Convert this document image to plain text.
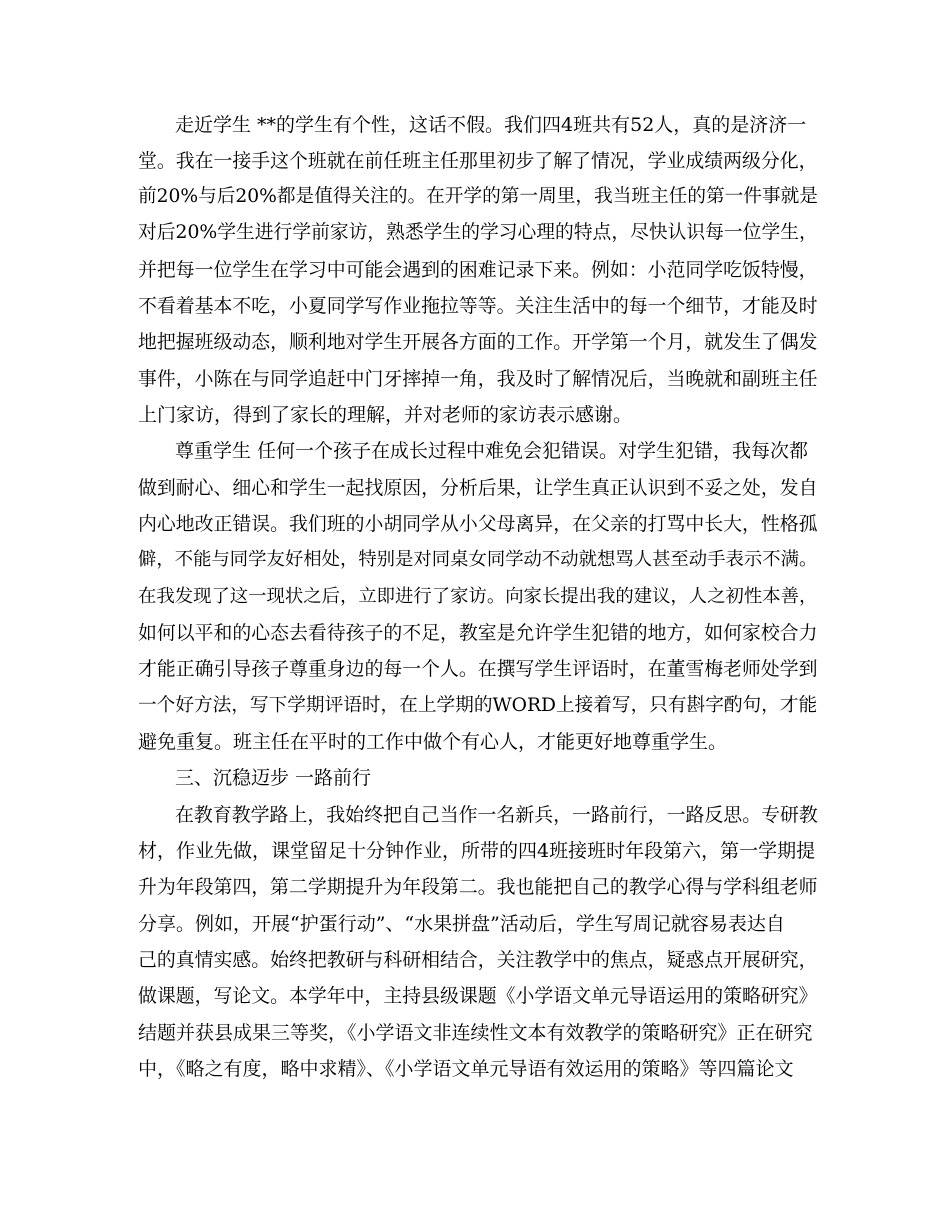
走近学生 **的学生有个性，这话不假。我们四4班共有52人，真的是济济一
堂。我在一接手这个班就在前任班主任那里初步了解了情况，学业成绩两级分化，
前20%与后20%都是值得关注的。在开学的第一周里，我当班主任的第一件事就是
对后20%学生进行学前家访，熟悉学生的学习心理的特点，尽快认识每一位学生，
并把每一位学生在学习中可能会遇到的困难记录下来。例如：小范同学吃饭特慢，
不看着基本不吃，小夏同学写作业拖拉等等。关注生活中的每一个细节，才能及时
地把握班级动态，顺利地对学生开展各方面的工作。开学第一个月，就发生了偶发
事件，小陈在与同学追赶中门牙摔掉一角，我及时了解情况后，当晚就和副班主任
上门家访，得到了家长的理解，并对老师的家访表示感谢。
尊重学生 任何一个孩子在成长过程中难免会犯错误。对学生犯错，我每次都
做到耐心、细心和学生一起找原因，分析后果，让学生真正认识到不妥之处，发自
内心地改正错误。我们班的小胡同学从小父母离异，在父亲的打骂中长大，性格孤
僻，不能与同学友好相处，特别是对同桌女同学动不动就想骂人甚至动手表示不满。
在我发现了这一现状之后，立即进行了家访。向家长提出我的建议，人之初性本善，
如何以平和的心态去看待孩子的不足，教室是允许学生犯错的地方，如何家校合力
才能正确引导孩子尊重身边的每一个人。在撰写学生评语时，在董雪梅老师处学到
一个好方法，写下学期评语时，在上学期的WORD上接着写，只有斟字酌句，才能
避免重复。班主任在平时的工作中做个有心人，才能更好地尊重学生。
三、沉稳迈步 一路前行
在教育教学路上，我始终把自己当作一名新兵，一路前行，一路反思。专研教
材，作业先做，课堂留足十分钟作业，所带的四4班接班时年段第六，第一学期提
升为年段第四，第二学期提升为年段第二。我也能把自己的教学心得与学科组老师
分享。例如，开展“护蛋行动”、“水果拼盘”活动后，学生写周记就容易表达自
己的真情实感。始终把教研与科研相结合，关注教学中的焦点，疑惑点开展研究，
做课题，写论文。本学年中，主持县级课题《小学语文单元导语运用的策略研究》
结题并获县成果三等奖，《小学语文非连续性文本有效教学的策略研究》正在研究
中，《略之有度，略中求精》、《小学语文单元导语有效运用的策略》等四篇论文
